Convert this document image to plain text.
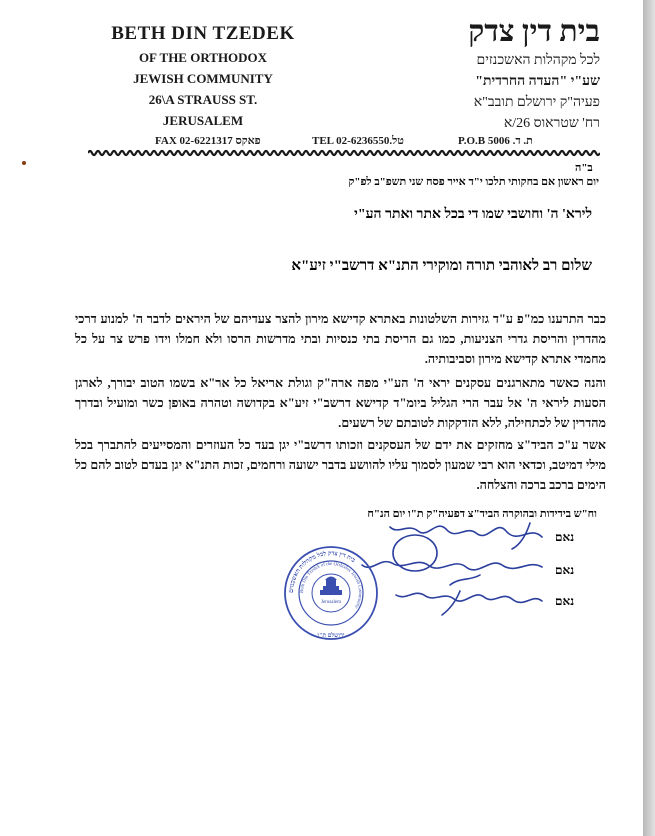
BETH DIN TZEDEK
OF THE ORTHODOX
JEWISH COMMUNITY
26\A STRAUSS ST.
JERUSALEM
בית דין צדק
לכל מקהלות האשכנזים
שע"י "העדה החרדית"
פעיה"ק ירושלם תובב"א
רח' שטראוס 26/א
FAX 02-6221317 פאקס	TEL 02-6236550.טל	P.O.B 5006 .ת. ד
ב"ה
יום ראשון אם בחקותי תלכו י"ד אייר פסח שני תשפ"ב לפ"ק
לירא' ה' וחושבי שמו די בכל אתר ואתר הע"י
שלום רב לאוהבי תורה ומוקירי התנ"א דרשב"י זיע"א
כבר התרענו כמ"פ ע"ד גזירות השלטונות באתרא קדישא מירון להצר צעדיהם של היראים לדבר ה' למנוע דרכי מהדרין והריסת גדרי הצניעות, כמו גם הריסת בתי כנסיות ובתי מדרשות הרסו ולא חמלו וידו פרש צר על כל מחמדי אתרא קדישא מירון וסביבותיה.
והנה כאשר מתארגנים עסקנים יראי ה' הע"י מפה ארה"ק וגולת אריאל כל אר"א בשמו הטוב יבורך, לארגן הסעות ליראי ה' אל עבר הרי הגליל ביומ"ד קדישא דרשב"י זיע"א בקדושה וטהרה באופן כשר ומועיל ובדרך מהדרין של לכתחילה, ללא הזדקקות לטובתם של רשעים.
אשר ע"כ הביד"צ מחזקים את ידם של העסקנים וזכותו דרשב"י יגן בעד כל העוזרים והמסייעים להתברך בכל מילי דמיטב, וכדאי הוא רבי שמעון לסמוך עליו להוושע בדבר ישועה ורחמים, זכות התנ"א יגן בעדם לטוב להם כל הימים ברכב ברכה והצלחה.
וח"ש בידידות ובהוקרה הביד"צ דפעיה"ק ת"ו יום הנ"ח
נאם
נאם
נאם
בית דין צדק לכל מקהלות האשכנזים
Beth Din Tzedek of the Orthodox Jewish Community
Jerusalem
ירושלם ת"ו
